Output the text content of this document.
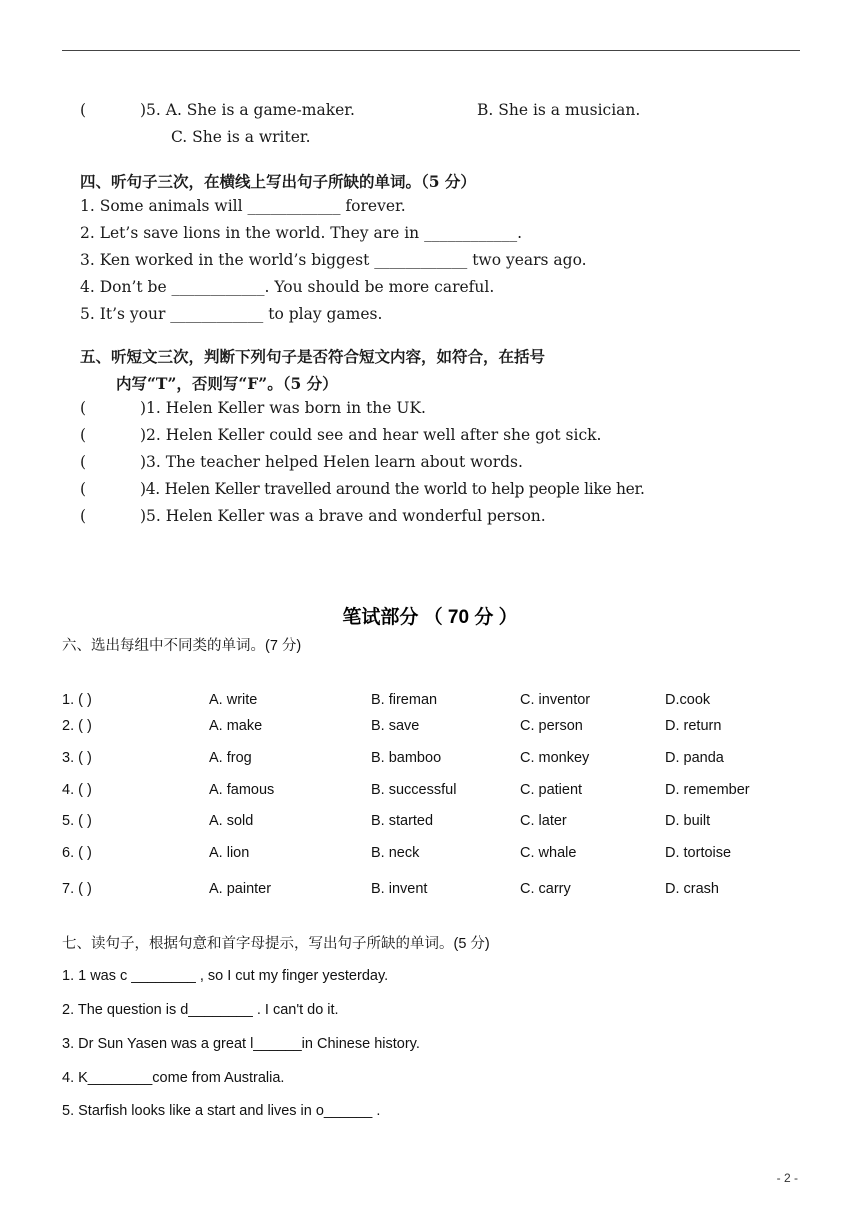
(	)5. A. She is a game-maker.	B. She is a musician.
C. She is a writer.
四、听句子三次，在横线上写出句子所缺的单词。（5 分）
1. Some animals will ____________ forever.
2. Let’s save lions in the world. They are in ____________.
3. Ken worked in the world’s biggest ____________ two years ago.
4. Don’t be ____________. You should be more careful.
5. It’s your ____________ to play games.
五、听短文三次，判断下列句子是否符合短文内容，如符合，在括号
内写“T”，否则写“F”。（5 分）
(	)1. Helen Keller was born in the UK.
(	)2. Helen Keller could see and hear well after she got sick.
(	)3. The teacher helped Helen learn about words.
(	)4. Helen Keller travelled around the world to help people like her.
(	)5. Helen Keller was a brave and wonderful person.
笔试部分 （ 70 分 ）
六、选出每组中不同类的单词。(7 分)
1. ( )	A. write	B. fireman	C. inventor	D.cook
2. ( )	A. make	B. save	C. person	D. return
3. ( )	A. frog	B. bamboo	C. monkey	D. panda
4. ( )	A. famous	B. successful	C. patient	D. remember
5. ( )	A. sold	B. started	C. later	D. built
6. ( )	A. lion	B. neck	C. whale	D. tortoise
7. ( )	A. painter	B. invent	C. carry	D. crash
七、读句子，根据句意和首字母提示，写出句子所缺的单词。(5 分)
1. 1 was c ________ , so I cut my finger yesterday.
2. The question is d________ . I can't do it.
3. Dr Sun Yasen was a great l______in Chinese history.
4. K________come from Australia.
5. Starfish looks like a start and lives in o______ .
- 2 -
